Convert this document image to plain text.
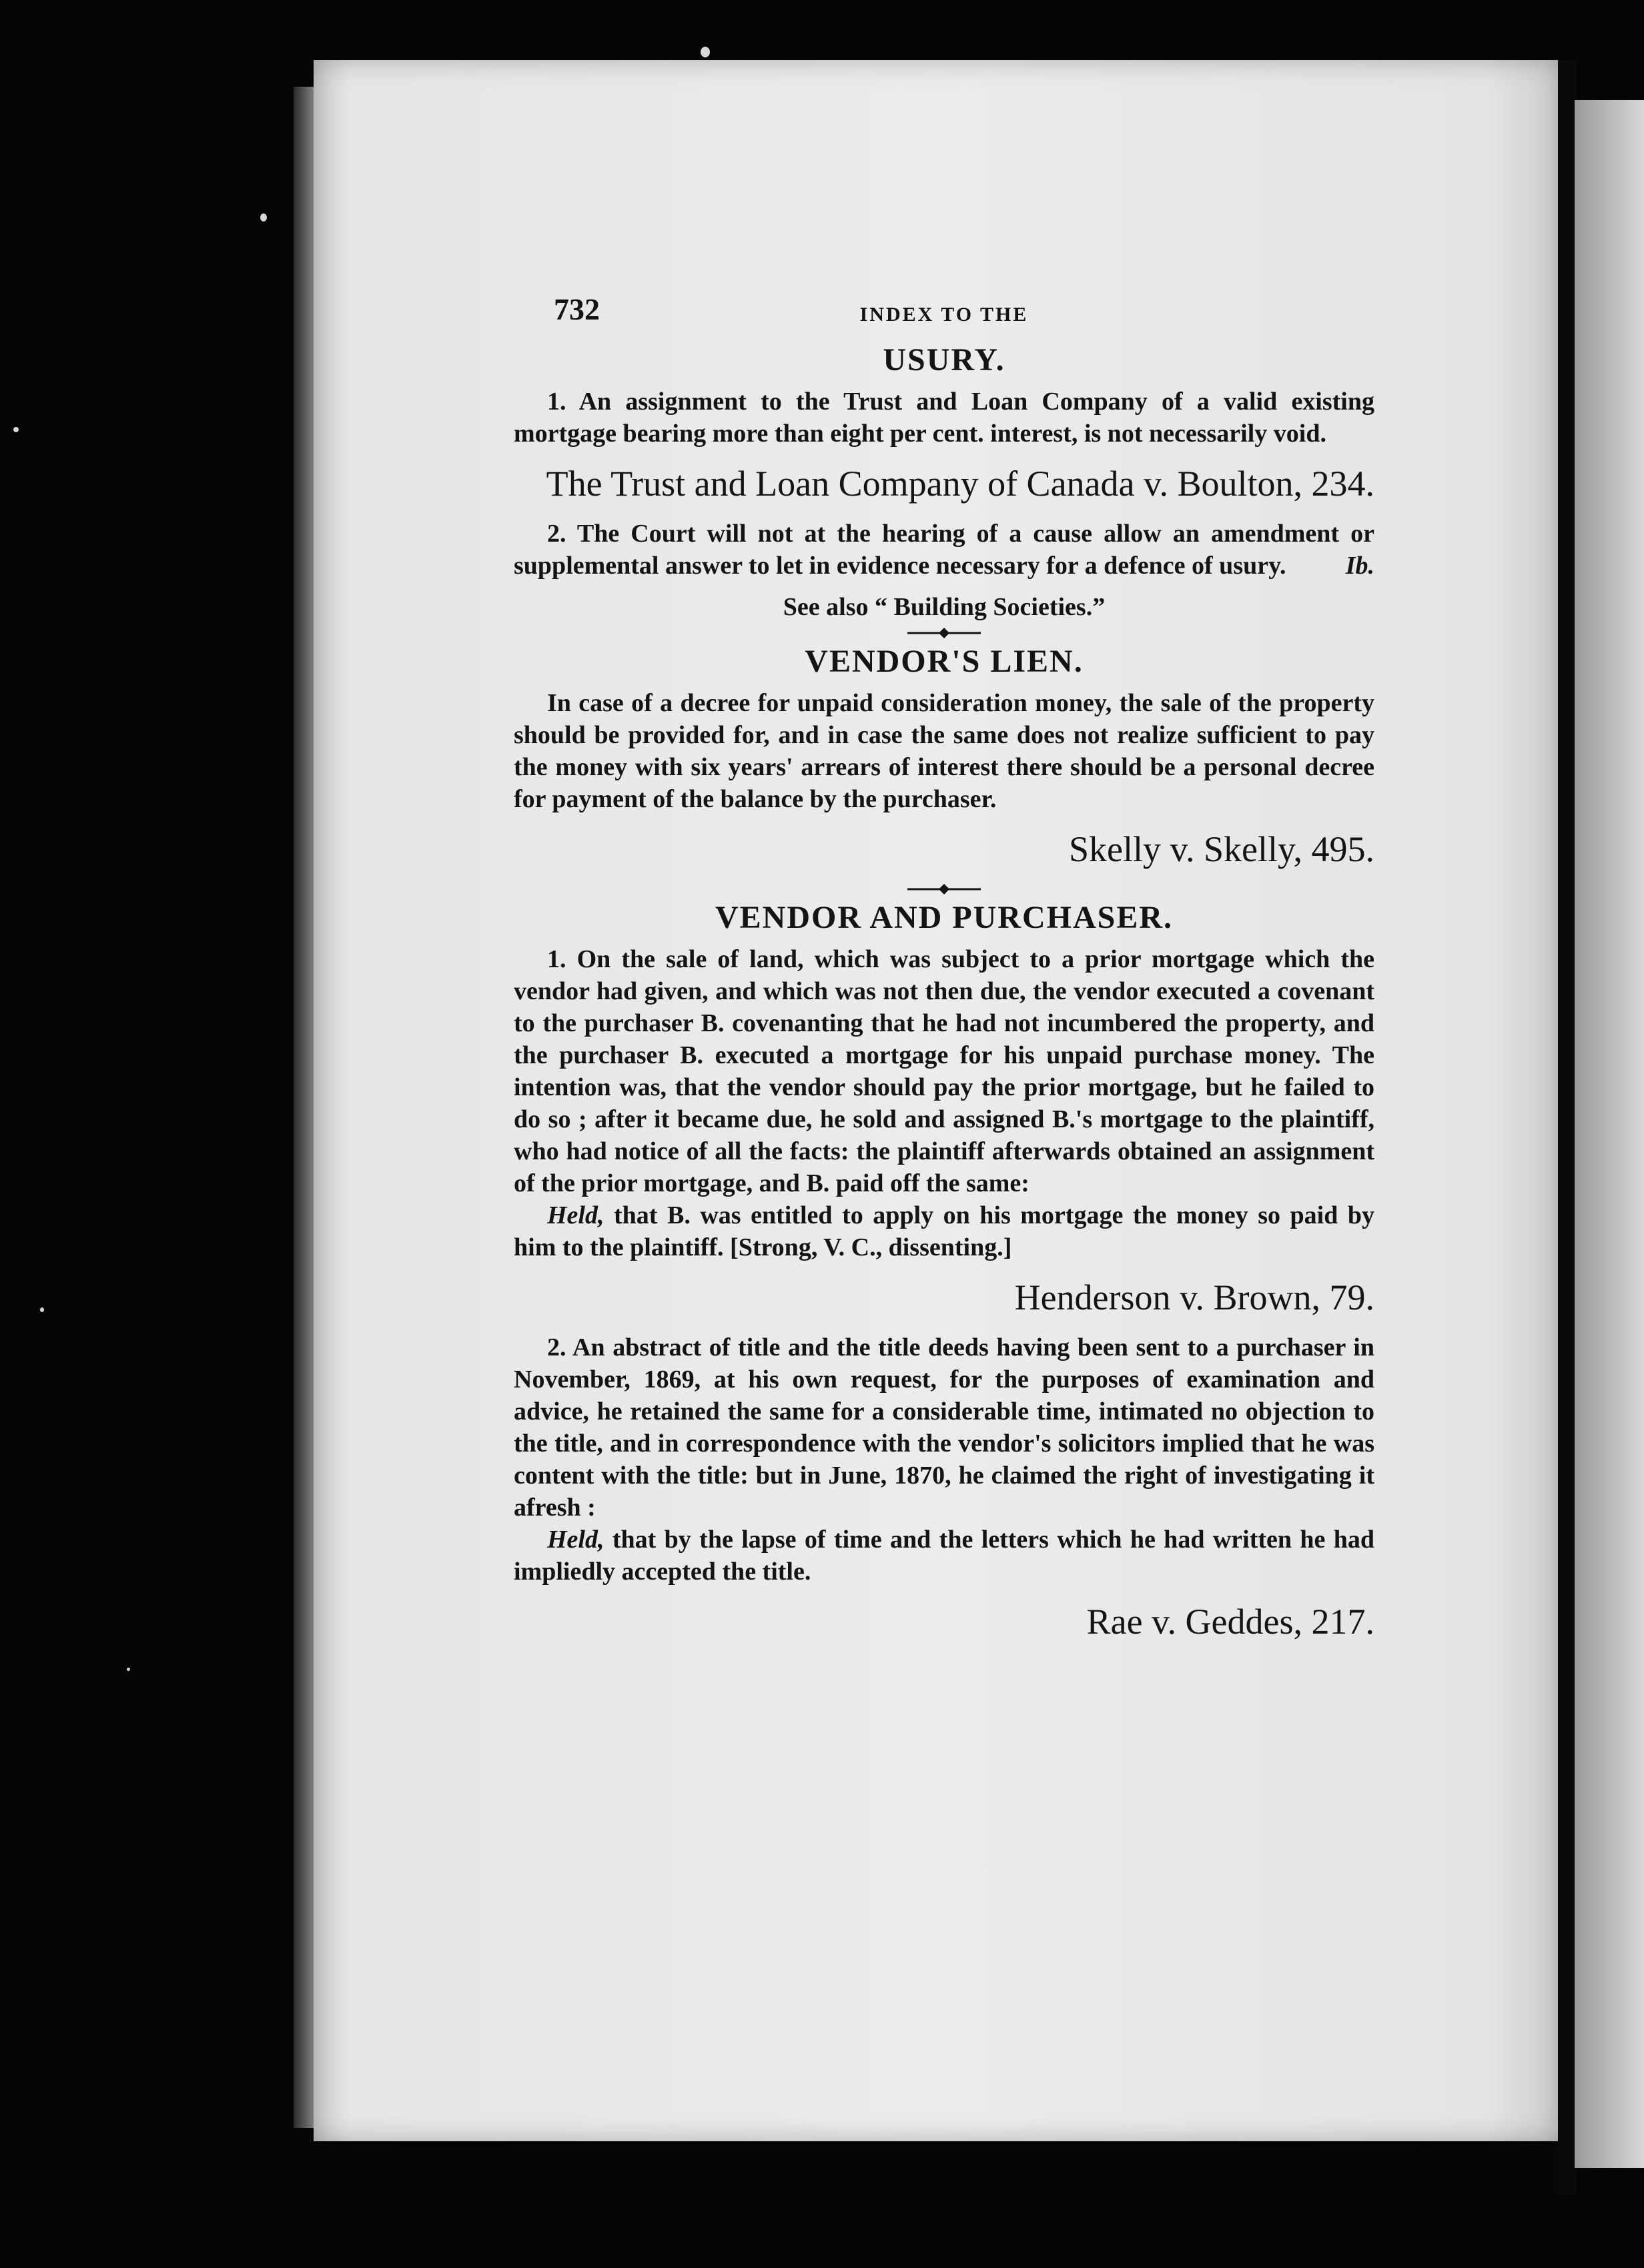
732	INDEX TO THE
USURY.

1. An assignment to the Trust and Loan Company of a valid existing mortgage bearing more than eight per cent. interest, is not necessarily void.

The Trust and Loan Company of Canada v. Boulton, 234.

2. The Court will not at the hearing of a cause allow an amendment or supplemental answer to let in evidence necessary for a defence of usury.	Ib.
See also “ Building Societies.”
VENDOR'S LIEN.

In case of a decree for unpaid consideration money, the sale of the property should be provided for, and in case the same does not realize sufficient to pay the money with six years' arrears of interest there should be a personal decree for payment of the balance by the purchaser.

Skelly v. Skelly, 495.
VENDOR AND PURCHASER.

1. On the sale of land, which was subject to a prior mortgage which the vendor had given, and which was not then due, the vendor executed a covenant to the purchaser B. covenanting that he had not incumbered the property, and the purchaser B. executed a mortgage for his unpaid purchase money. The intention was, that the vendor should pay the prior mortgage, but he failed to do so ; after it became due, he sold and assigned B.'s mortgage to the plaintiff, who had notice of all the facts: the plaintiff afterwards obtained an assignment of the prior mortgage, and B. paid off the same:

Held, that B. was entitled to apply on his mortgage the money so paid by him to the plaintiff. [Strong, V. C., dissenting.]

Henderson v. Brown, 79.

2. An abstract of title and the title deeds having been sent to a purchaser in November, 1869, at his own request, for the purposes of examination and advice, he retained the same for a considerable time, intimated no objection to the title, and in correspondence with the vendor's solicitors implied that he was content with the title: but in June, 1870, he claimed the right of investigating it afresh :

Held, that by the lapse of time and the letters which he had written he had impliedly accepted the title.

Rae v. Geddes, 217.
